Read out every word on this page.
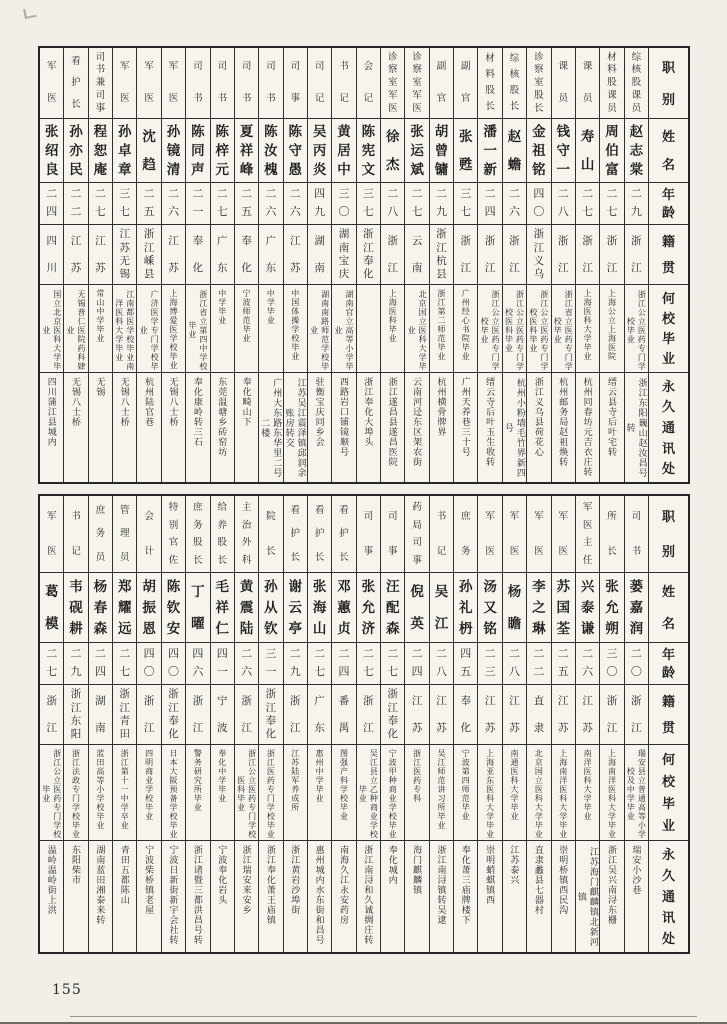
职
别
姓
名
年
龄
籍
贯
何
校
毕
业
永
久
通
讯
处
综
核
股
课
员
赵
志
棠
二
九
浙
江
浙江公立医药专门学校毕业
浙江东阳巍山赵汝昌号转
材
料
股
课
员
周
伯
富
二
七
浙
江
上海公立上海医院
缙云县寺后叶宅转
课
员
寿
山
二
七
浙
江
上海医科大学毕业
杭州同春坊元吉衣庄转
课
员
钱
守
一
二
八
浙
江
浙江省立医药专门学校毕业
杭州邮务局赵祖焕转
诊
察
室
股
长
金
祖
铭
四
〇
浙
江
义
乌
浙江公立医药专门学校医科毕业
浙江义乌县荷花心
综
核
股
长
赵
蟾
二
六
浙
江
浙江公立医药专门学校医科毕业
杭州小粉墙毛竹界新四号
材
料
股
长
潘
一
新
二
四
浙
江
浙江公立医药专门学校毕业
缙云寺后叶玉生收转
副
官
张
甦
三
七
浙
江
广州经心书院毕业
广州天养巷三十号
副
官
胡
曾
镛
二
九
浙
江
杭
县
浙江第二师范毕业
杭州横骨牌界
诊
察
室
军
医
张
运
斌
二
七
云
南
北京国立医科大学毕业
云南河迳东区架农街
诊
察
室
军
医
徐
杰
二
八
浙
江
上海医科毕业
浙江遂昌县遂昌医院
会
记
陈
宪
文
三
七
浙
江
奉
化
浙江奉化大埠头
书
记
黄
居
中
三
〇
湖
南
宝
庆
湖南官立高等小学毕业
西路岩口铺镜顺号
司
记
吴
丙
炎
四
九
湖
南
湖南南路师范学校毕业
驻衡宝庆同乡会
司
事
陈
守
愚
二
六
江
苏
中国体操学校毕业
江苏吴江震泽镇邱润余账房转交
司
书
陈
汝
槐
二
六
广
东
中学毕业
广州大东路东华里二号二楼
司
书
夏
祥
峰
二
五
奉
化
宁波师范毕业
奉化畸山下
司
书
陈
梓
元
二
七
广
东
中学毕业
东莞温塘乡砖窑坊
司
书
陈
同
声
二
一
奉
化
浙江省立第四中学校毕业
奉化康岭转三石
军
医
孙
镜
清
二
六
江
苏
上海博爱医学校毕业
无锡八士桥
军
医
沈
趋
二
五
浙
江
嵊
县
广济医学专门学校毕业
杭州陆官巷
军
医
孙
卓
章
三
七
江
苏
无
锡
江南都医学校毕业南洋医科大学毕业
无锡八士桥
司
书
兼
司
事
程
恕
庵
二
七
江
苏
常山中学毕业
无锡
看
护
长
孙
亦
民
二
二
江
苏
无锡普仁医院药科肄业
无锡八士桥
军
医
张
绍
良
二
四
四
川
国立北京医科大学毕业
四川蒲江县城内
职
别
姓
名
年
龄
籍
贯
何
校
毕
业
永
久
通
讯
处
司
书
蒌
嘉
润
二
〇
浙
江
瑞安县立普通高等小学校及中学毕业
瑞安小沙巷
所
长
张
允
朔
三
〇
浙
江
上海南洋医科大学毕业
浙江吴兴南浔东栅
军
医
主
任
兴
泰
谦
二
六
江
苏
南洋医科大学毕业
江苏海门麒麟镇北新河镇
军
医
苏
国
荃
二
五
江
苏
上海南洋医科大学毕业
崇明桥镇西民沟
军
医
李
之
琳
二
二
直
隶
北京国立医科大学毕业
直隶蠡县七器村
军
医
杨
瞻
二
八
江
苏
南通医科大学毕业
江苏泰兴
军
医
汤
又
铭
二
三
江
苏
上海亚东医科大学毕业
崇明蛸蜞镇西
庶
务
孙
礼
枬
四
五
奉
化
宁波第四师范毕业
奉化萧三庙牌楼下
书
记
吴
江
二
八
江
苏
吴江师范讲习所毕业
浙江南浔镇转吴逮
药
局
司
事
倪
英
二
四
江
苏
浙江医药专科
海门麒麟镇
司
事
汪
配
森
二
七
浙
江
奉
化
宁波甲种商业学校毕业
奉化城内
司
事
张
允
济
二
七
浙
江
吴江县立乙种商业学校毕业
浙江南浔和久诚绸庄转
看
护
长
邓
蕙
贞
二
四
番
禺
图强产科学校毕业
南海久江永安药房
看
护
长
张
海
山
二
七
广
东
惠州中学毕业
惠州城内水东街和昌号
看
护
长
谢
云
亭
二
九
浙
江
江苏陆军养成所
浙江黄岩沙埠街
院
长
孙
从
钦
三
一
浙
江
奉
化
浙江医药专门学校毕业
浙江奉化萧王庙镇
主
治
外
科
黄
震
陆
二
六
浙
江
浙江公立医药专门学校医科毕业
浙江瑞安来安乡
给
养
股
长
毛
祥
仁
四
一
宁
波
奉化中学毕业
宁波奉化岩头
庶
务
股
长
丁
曜
四
六
浙
江
警务研究所毕业
浙江诸暨三都洪昌号转
特
别
官
佐
陈
钦
安
四
〇
浙
江
奉
化
日本大阪预备学校毕业
宁波日新街新宇会社转
会
计
胡
振
恩
四
〇
浙
江
四明商业学校毕业
宁波柴桥镇老屋
管
理
员
郑
耀
远
二
七
浙
江
青
田
浙江第十一中学卒业
青田五都陈山
庶
务
员
杨
春
森
二
四
湖
南
蓝田高等小学校毕业
湖南蓝田湘泰来转
书
记
韦
砚
耕
二
九
浙
江
东
阳
浙江法政专门学校毕业
东阳柴市
军
医
葛
模
二
七
浙
江
浙江公立医药专门学校毕业
温岭温岭街上洪
155
